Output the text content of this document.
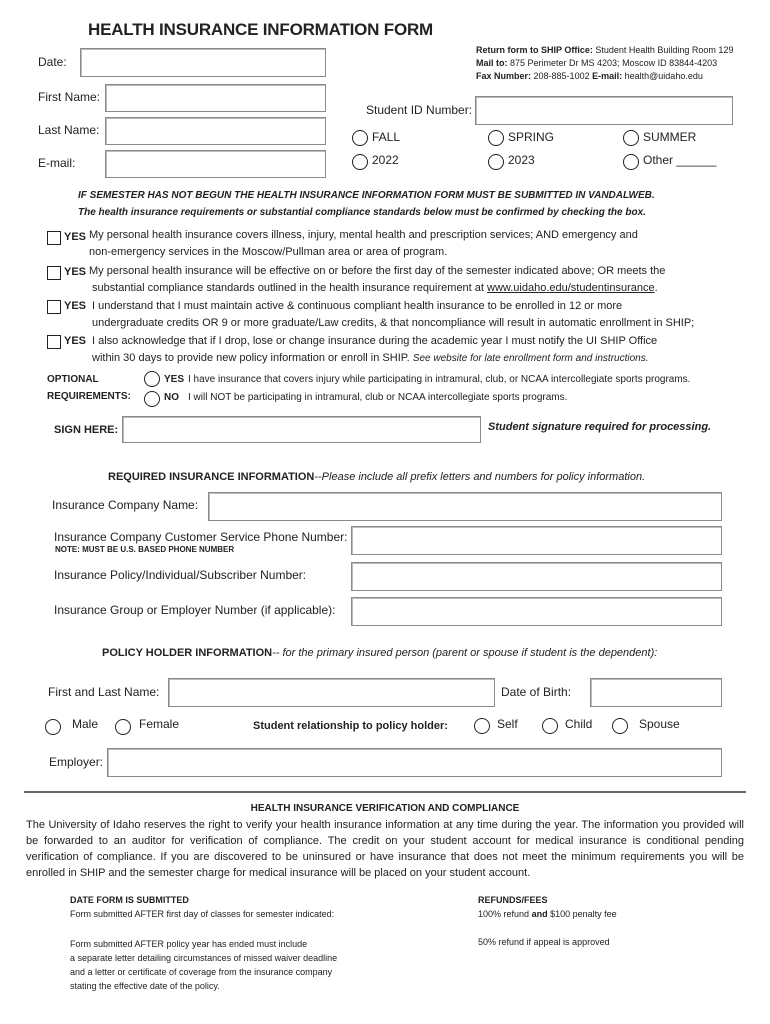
HEALTH INSURANCE INFORMATION FORM
Return form to SHIP Office: Student Health Building Room 129
Mail to: 875 Perimeter Dr MS 4203; Moscow ID 83844-4203
Fax Number: 208-885-1002 E-mail: health@uidaho.edu
Date:
First Name:
Last Name:
E-mail:
Student ID Number:
FALL	SPRING	SUMMER
2022	2023	Other ______
IF SEMESTER HAS NOT BEGUN THE HEALTH INSURANCE INFORMATION FORM MUST BE SUBMITTED IN VANDALWEB.
The health insurance requirements or substantial compliance standards below must be confirmed by checking the box.
YES My personal health insurance covers illness, injury, mental health and prescription services; AND emergency and
non-emergency services in the Moscow/Pullman area or area of program.
YES My personal health insurance will be effective on or before the first day of the semester indicated above; OR meets the
substantial compliance standards outlined in the health insurance requirement at www.uidaho.edu/studentinsurance.
YES I understand that I must maintain active & continuous compliant health insurance to be enrolled in 12 or more
undergraduate credits OR 9 or more graduate/Law credits, & that noncompliance will result in automatic enrollment in SHIP;
YES I also acknowledge that if I drop, lose or change insurance during the academic year I must notify the UI SHIP Office
within 30 days to provide new policy information or enroll in SHIP. See website for late enrollment form and instructions.
OPTIONAL
REQUIREMENTS:
YES I have insurance that covers injury while participating in intramural, club, or NCAA intercollegiate sports programs.
NO I will NOT be participating in intramural, club or NCAA intercollegiate sports programs.
SIGN HERE:	Student signature required for processing.
REQUIRED INSURANCE INFORMATION--Please include all prefix letters and numbers for policy information.
Insurance Company Name:
Insurance Company Customer Service Phone Number:
NOTE: MUST BE U.S. BASED PHONE NUMBER
Insurance Policy/Individual/Subscriber Number:
Insurance Group or Employer Number (if applicable):
POLICY HOLDER INFORMATION-- for the primary insured person (parent or spouse if student is the dependent):
First and Last Name:	Date of Birth:
Male	Female	Student relationship to policy holder:	Self	Child	Spouse
Employer:
HEALTH INSURANCE VERIFICATION AND COMPLIANCE
The University of Idaho reserves the right to verify your health insurance information at any time during the year. The information you provided will be forwarded to an auditor for verification of compliance. The credit on your student account for medical insurance is conditional pending verification of compliance. If you are discovered to be uninsured or have insurance that does not meet the minimum requirements you will be enrolled in SHIP and the semester charge for medical insurance will be placed on your student account.
DATE FORM IS SUBMITTED
Form submitted AFTER first day of classes for semester indicated:
Form submitted AFTER policy year has ended must include
a separate letter detailing circumstances of missed waiver deadline
and a letter or certificate of coverage from the insurance company
stating the effective date of the policy.
REFUNDS/FEES
100% refund and $100 penalty fee
50% refund if appeal is approved
